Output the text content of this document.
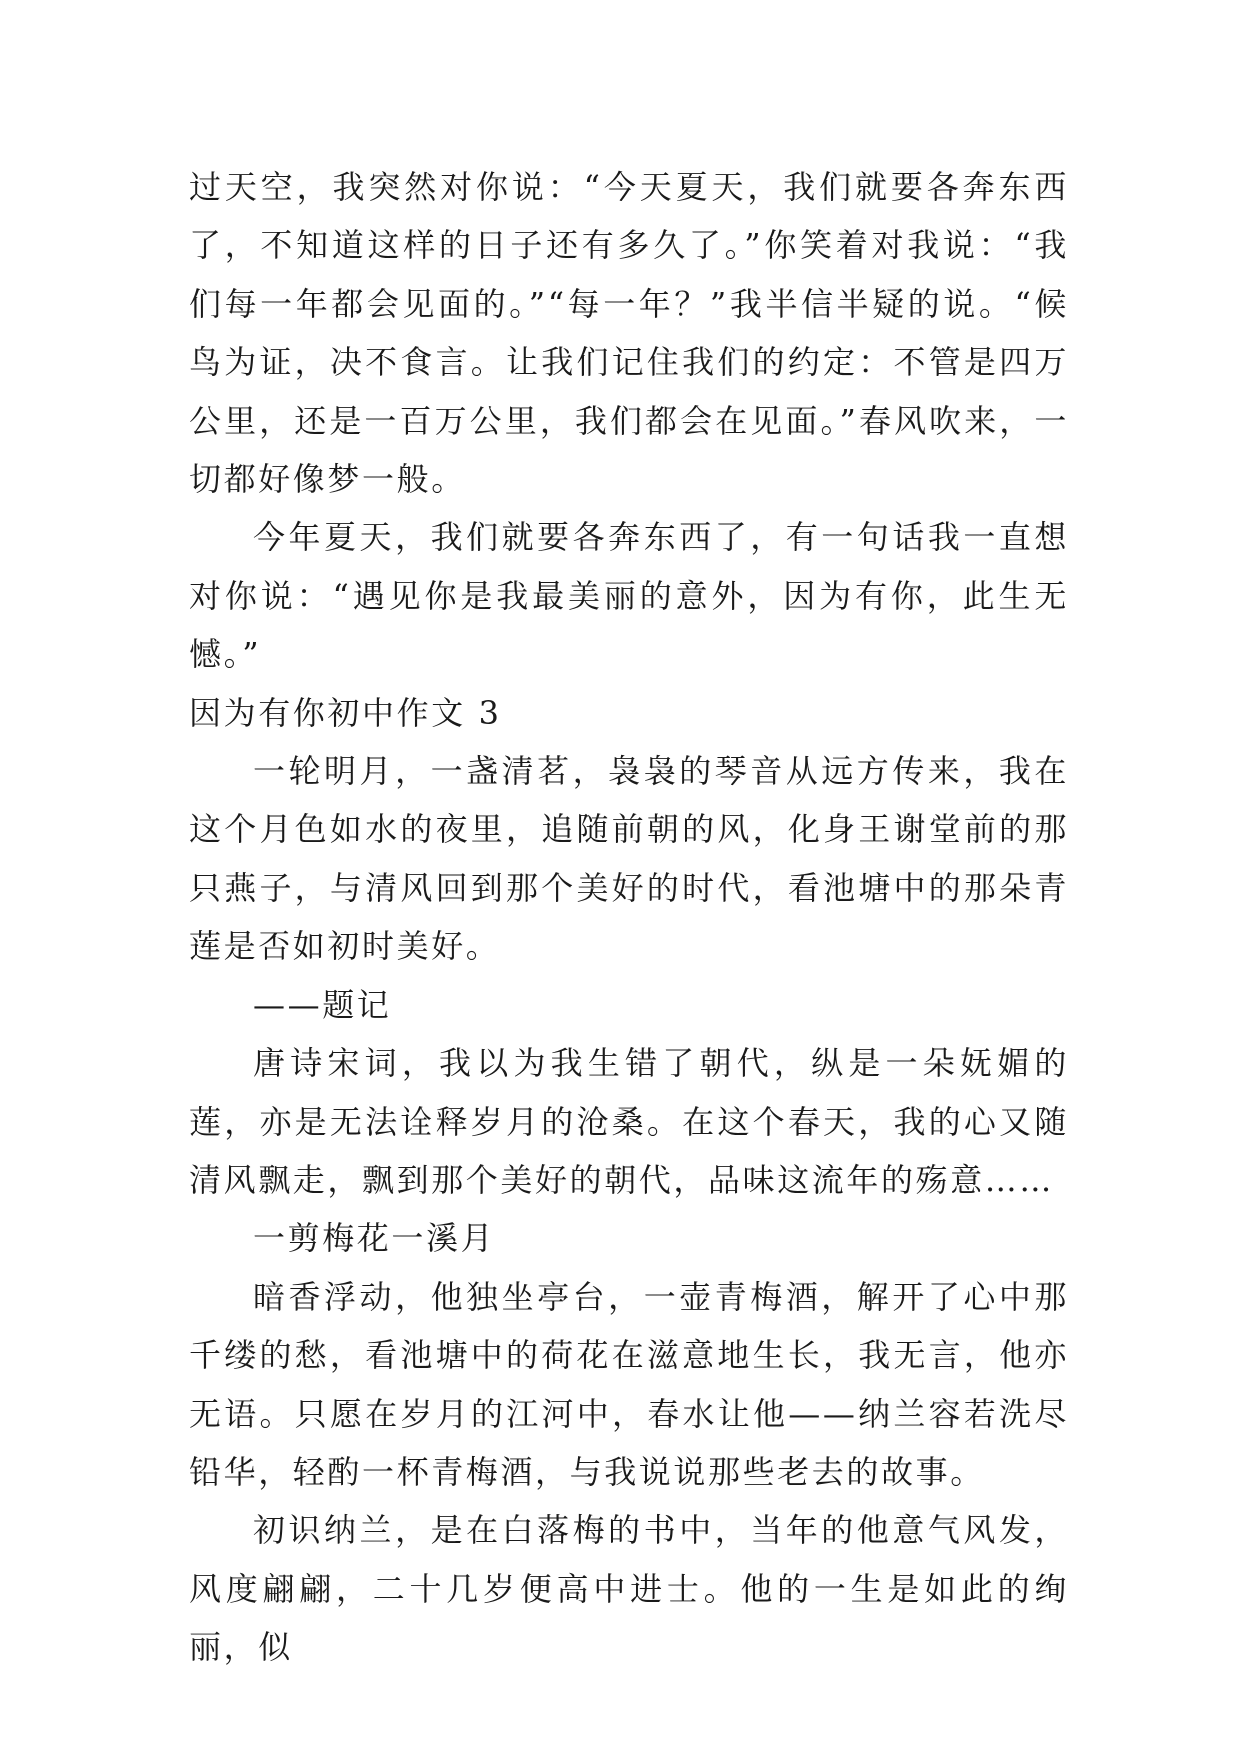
过天空，我突然对你说：“今天夏天，我们就要各奔东西了，不知道这样的日子还有多久了。”你笑着对我说：“我们每一年都会见面的。”“每一年？”我半信半疑的说。“候鸟为证，决不食言。让我们记住我们的约定：不管是四万公里，还是一百万公里，我们都会在见面。”春风吹来，一切都好像梦一般。

今年夏天，我们就要各奔东西了，有一句话我一直想对你说：“遇见你是我最美丽的意外，因为有你，此生无憾。”

因为有你初中作文 3

一轮明月，一盏清茗，袅袅的琴音从远方传来，我在这个月色如水的夜里，追随前朝的风，化身王谢堂前的那只燕子，与清风回到那个美好的时代，看池塘中的那朵青莲是否如初时美好。

——题记

唐诗宋词，我以为我生错了朝代，纵是一朵妩媚的莲，亦是无法诠释岁月的沧桑。在这个春天，我的心又随清风飘走，飘到那个美好的朝代，品味这流年的殇意……

一剪梅花一溪月

暗香浮动，他独坐亭台，一壶青梅酒，解开了心中那千缕的愁，看池塘中的荷花在滋意地生长，我无言，他亦无语。只愿在岁月的江河中，春水让他——纳兰容若洗尽铅华，轻酌一杯青梅酒，与我说说那些老去的故事。

初识纳兰，是在白落梅的书中，当年的他意气风发，风度翩翩，二十几岁便高中进士。他的一生是如此的绚丽，似
